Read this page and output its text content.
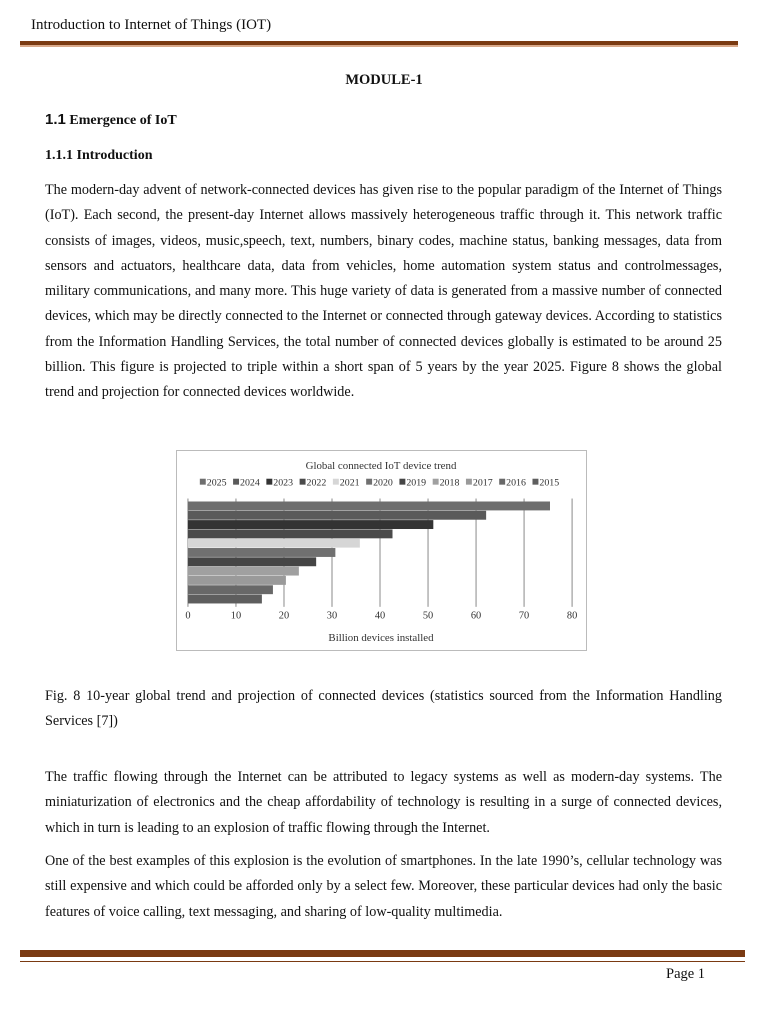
Introduction to Internet of Things (IOT)
MODULE-1
1.1 Emergence of IoT
1.1.1 Introduction
The modern-day advent of network-connected devices has given rise to the popular paradigm of the Internet of Things (IoT). Each second, the present-day Internet allows massively heterogeneous traffic through it. This network traffic consists of images, videos, music,speech, text, numbers, binary codes, machine status, banking messages, data from sensors and actuators, healthcare data, data from vehicles, home automation system status and controlmessages, military communications, and many more. This huge variety of data is generated from a massive number of connected devices, which may be directly connected to the Internet or connected through gateway devices. According to statistics from the Information Handling Services, the total number of connected devices globally is estimated to be around 25 billion. This figure is projected to triple within a short span of 5 years by the year 2025. Figure 8 shows the global trend and projection for connected devices worldwide.
Global connected IoT device trend
2025 2024 2023 2022 2021 2020 2019 2018 2017 2016 2015
0	10	20	30	40	50	60	70	80
Billion devices installed
Fig. 8 10-year global trend and projection of connected devices (statistics sourced from the Information Handling Services [7])
The traffic flowing through the Internet can be attributed to legacy systems as well as modern-day systems. The miniaturization of electronics and the cheap affordability of technology is resulting in a surge of connected devices, which in turn is leading to an explosion of traffic flowing through the Internet.
One of the best examples of this explosion is the evolution of smartphones. In the late 1990’s, cellular technology was still expensive and which could be afforded only by a select few. Moreover, these particular devices had only the basic features of voice calling, text messaging, and sharing of low-quality multimedia.
Page 1
